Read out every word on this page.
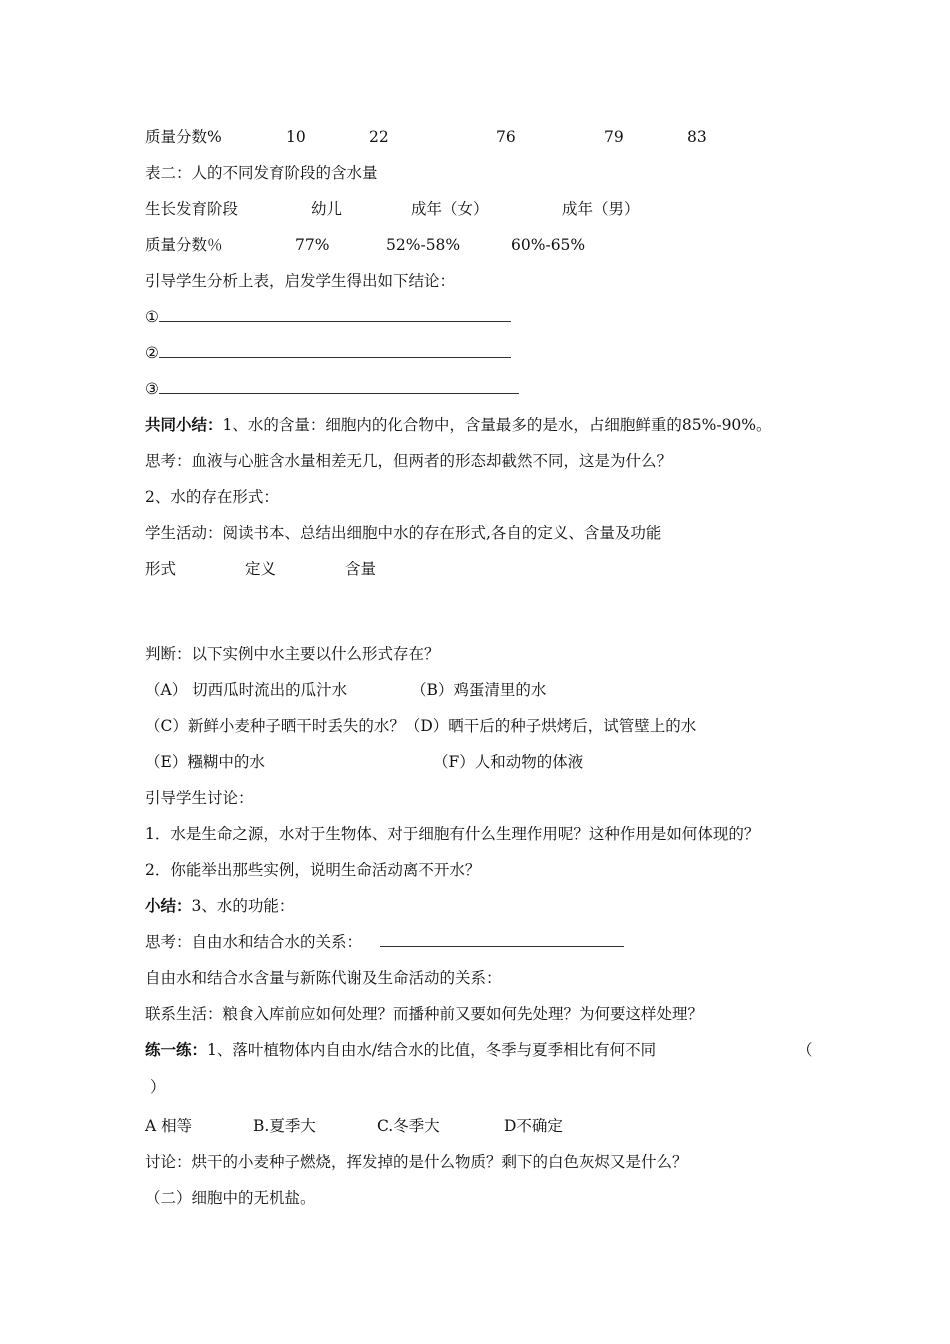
质量分数%	10	22	76	79	83
表二：人的不同发育阶段的含水量
生长发育阶段	幼儿	成年（女）	成年（男）
质量分数％	77%	52%-58%	60%-65%
引导学生分析上表，启发学生得出如下结论：
①
②
③
共同小结：1、水的含量：细胞内的化合物中，含量最多的是水，占细胞鲜重的85%-90%。
思考：血液与心脏含水量相差无几，但两者的形态却截然不同，这是为什么？
2、水的存在形式：
学生活动：阅读书本、总结出细胞中水的存在形式,各自的定义、含量及功能
形式	定义	含量
判断：以下实例中水主要以什么形式存在？
（A） 切西瓜时流出的瓜汁水	（B）鸡蛋清里的水
（C）新鲜小麦种子晒干时丢失的水？（D）晒干后的种子烘烤后，试管壁上的水
（E）糨糊中的水	（F）人和动物的体液
引导学生讨论：
1．水是生命之源，水对于生物体、对于细胞有什么生理作用呢？这种作用是如何体现的？
2．你能举出那些实例，说明生命活动离不开水？
小结：3、水的功能：
思考：自由水和结合水的关系：
自由水和结合水含量与新陈代谢及生命活动的关系：
联系生活：粮食入库前应如何处理？而播种前又要如何先处理？为何要这样处理？
练一练：1、落叶植物体内自由水/结合水的比值，冬季与夏季相比有何不同	（
）
A 相等	B.夏季大	C.冬季大	D不确定
讨论：烘干的小麦种子燃烧，挥发掉的是什么物质？剩下的白色灰烬又是什么？
（二）细胞中的无机盐。
